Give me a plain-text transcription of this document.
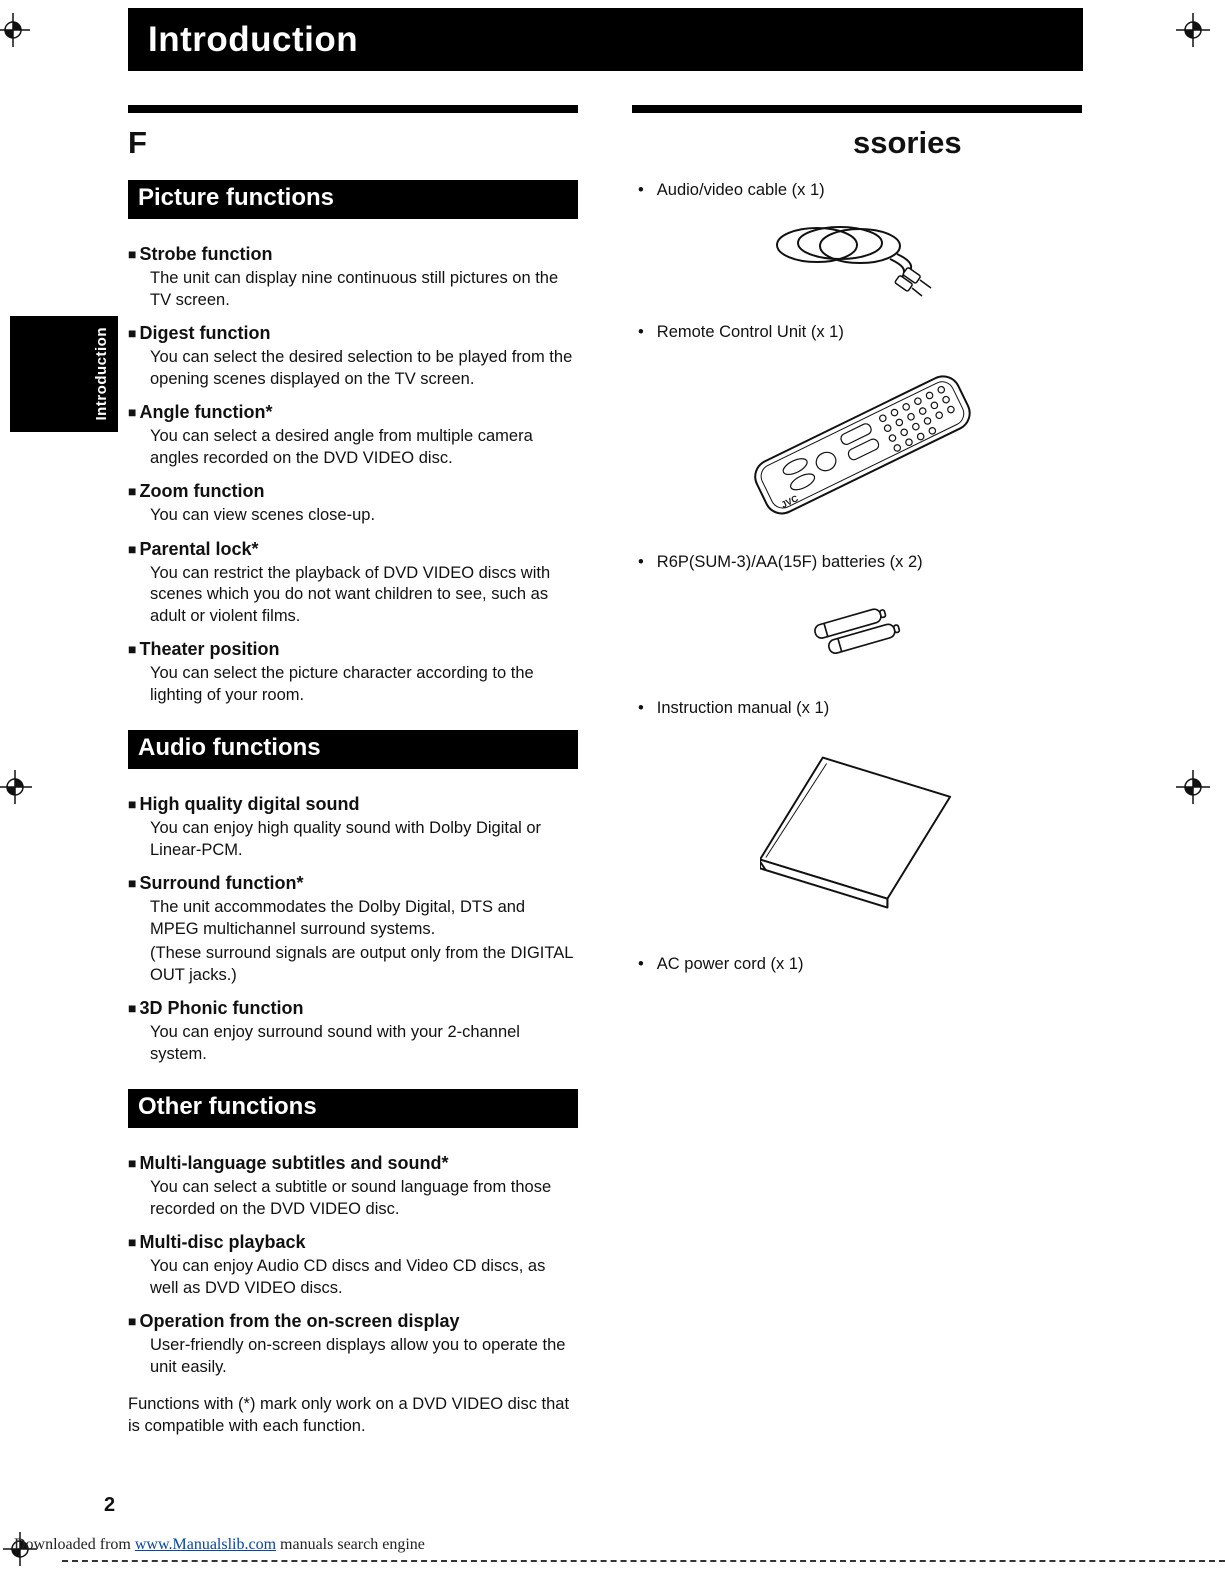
Introduction
Introduction
F
Picture functions
■ Strobe function
The unit can display nine continuous still pictures on the TV screen.
■ Digest function
You can select the desired selection to be played from the opening scenes displayed on the TV screen.
■ Angle function*
You can select a desired angle from multiple camera angles recorded on the DVD VIDEO disc.
■ Zoom function
You can view scenes close-up.
■ Parental lock*
You can restrict the playback of DVD VIDEO discs with scenes which you do not want children to see, such as adult or violent films.
■ Theater position
You can select the picture character according to the lighting of your room.
Audio functions
■ High quality digital sound
You can enjoy high quality sound with Dolby Digital or Linear-PCM.
■ Surround function*
The unit accommodates the Dolby Digital, DTS and MPEG multichannel surround systems.
(These surround signals are output only from the DIGITAL OUT jacks.)
■ 3D Phonic function
You can enjoy surround sound with your 2-channel system.
Other functions
■ Multi-language subtitles and sound*
You can select a subtitle or sound language from those recorded on the DVD VIDEO disc.
■ Multi-disc playback
You can enjoy Audio CD discs and Video CD discs, as well as DVD VIDEO discs.
■ Operation from the on-screen display
User-friendly on-screen displays allow you to operate the unit easily.
Functions with (*) mark only work on a DVD VIDEO disc that is compatible with each function.
ssories
• Audio/video cable (x 1)
• Remote Control Unit (x 1)
JVC
• R6P(SUM-3)/AA(15F) batteries (x 2)
• Instruction manual (x 1)
• AC power cord (x 1)
2
Downloaded from www.Manualslib.com manuals search engine
